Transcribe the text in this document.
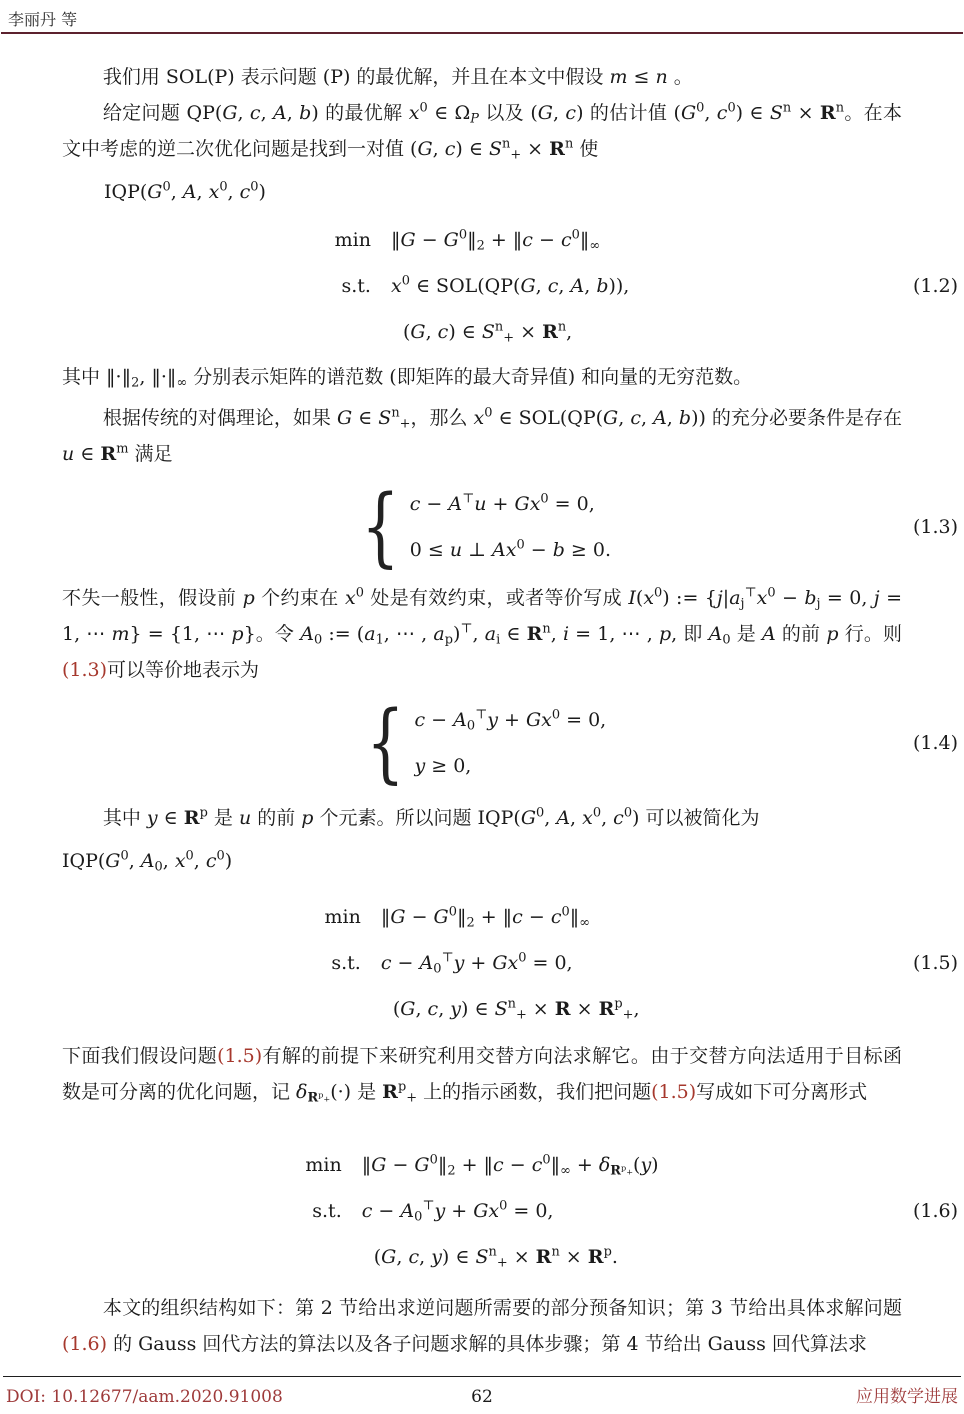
李丽丹 等

我们用 SOL(P) 表示问题 (P) 的最优解，并且在本文中假设 m ≤ n 。

给定问题 QP(G, c, A, b) 的最优解 $x^0$ ∈ $\Omega_P$ 以及 (G, c) 的估计值 ($G^0$, $c^0$) ∈ $S^n \times R^n$。在本文中考虑的逆二次优化问题是找到一对值 (G, c) ∈ $S^n_+ \times R^n$ 使

$IQP(G^0$, A, $x^0$, $c^0$)
min ‖G − $G^0‖_2$ + ‖c − $c^0‖_\infty$
s.t. $x^0$ ∈ SOL(QP(G, c, A, b)),
(G, c) ∈ $S^n_+ \times R^n$,
(1.2)

其中 $‖\cdot‖_2$, $‖\cdot‖_\infty$ 分别表示矩阵的谱范数 (即矩阵的最大奇异值) 和向量的无穷范数。

根据传统的对偶理论，如果 G ∈ $S^n_+$，那么 $x^0$ ∈ SOL(QP(G, c, A, b)) 的充分必要条件是存在 u ∈ $R^m$ 满足

{ $c - A^⊤u + Gx^0 = 0$,
0 ≤ u ⊥ $Ax^0 - b \ge 0$.
(1.3)

不失一般性，假设前 p 个约束在 $x^0$ 处是有效约束，或者等价写成 $I(x^0)$ := {$j|a_j^⊤x^0 - b_j = 0$, j = 1, ⋯ m} = {1, ⋯ p}。令 $A_0$ := ($a_1$, ⋯ , $a_p)^⊤$, $a_i$ ∈ $R^n$, i = 1, ⋯ , p, 即 $A_0$ 是 A 的前 p 行。则 (1.3)可以等价地表示为

{ $c - A_0^⊤y + Gx^0 = 0$,
y ≥ 0,
(1.4)

其中 y ∈ $R^p$ 是 u 的前 p 个元素。所以问题 $IQP(G^0$, A, $x^0$, $c^0$) 可以被简化为

$IQP(G^0$, $A_0$, $x^0$, $c^0$)
min ‖G − $G^0‖_2$ + ‖c − $c^0‖_\infty$
s.t. $c - A_0^⊤y + Gx^0 = 0$,
(G, c, y) ∈ $S^n_+ \times R \times R^p_+$,
(1.5)

下面我们假设问题(1.5)有解的前提下来研究利用交替方向法求解它。由于交替方向法适用于目标函数是可分离的优化问题，记 $\delta_{Rᵖ_+}(\cdot)$ 是 $R^p_+$ 上的指示函数，我们把问题(1.5)写成如下可分离形式

min ‖G − $G^0‖_2$ + ‖c − $c^0‖_\infty + \delta_{Rᵖ_+}(y)$
s.t. $c - A_0^⊤y + Gx^0 = 0$,
(G, c, y) ∈ $S^n_+ \times R^n \times R^p$.
(1.6)

本文的组织结构如下：第 2 节给出求逆问题所需要的部分预备知识；第 3 节给出具体求解问题(1.6) 的 Gauss 回代方法的算法以及各子问题求解的具体步骤；第 4 节给出 Gauss 回代算法求

DOI: 10.12677/aam.2020.91008	62	应用数学进展
